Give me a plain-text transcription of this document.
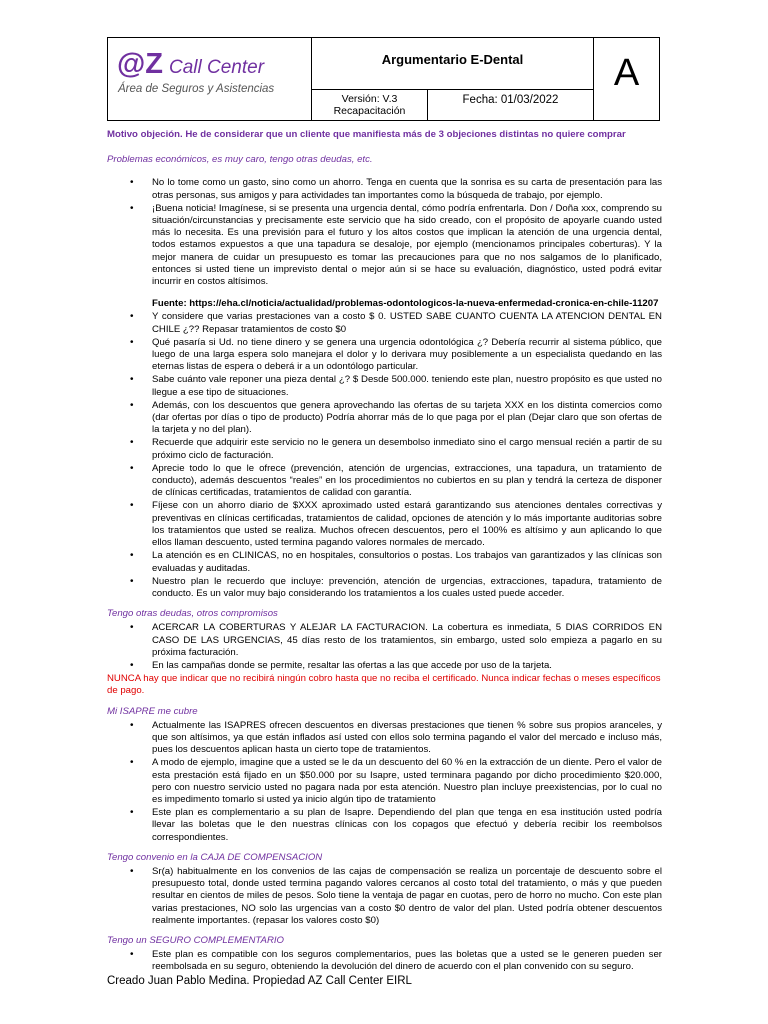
@Z Call Center
Área de Seguros y Asistencias
Argumentario E-Dental
Versión: V.3
Recapacitación
Fecha: 01/03/2022
A
Motivo objeción. He de considerar que un cliente que manifiesta más de 3 objeciones distintas no quiere comprar
Problemas económicos, es muy caro, tengo otras deudas, etc.
• No lo tome como un gasto, sino como un ahorro. Tenga en cuenta que la sonrisa es su carta de presentación para las otras personas, sus amigos y para actividades tan importantes como la búsqueda de trabajo, por ejemplo.
• ¡Buena noticia! Imagínese, si se presenta una urgencia dental, cómo podría enfrentarla. Don / Doña xxx, comprendo su situación/circunstancias y precisamente este servicio que ha sido creado, con el propósito de apoyarle cuando usted más lo necesita. Es una previsión para el futuro y los altos costos que implican la atención de una urgencia dental, todos estamos expuestos a que una tapadura se desaloje, por ejemplo (mencionamos principales coberturas). Y la mejor manera de cuidar un presupuesto es tomar las precauciones para que no nos salgamos de lo planificado, entonces si usted tiene un imprevisto dental o mejor aún si se hace su evaluación, diagnóstico, usted podrá evitar incurrir en costos altísimos.
Fuente: https://eha.cl/noticia/actualidad/problemas-odontologicos-la-nueva-enfermedad-cronica-en-chile-11207
• Y considere que varias prestaciones van a costo $ 0. USTED SABE CUANTO CUENTA LA ATENCION DENTAL EN CHILE ¿?? Repasar tratamientos de costo $0
• Qué pasaría si Ud. no tiene dinero y se genera una urgencia odontológica ¿? Debería recurrir al sistema público, que luego de una larga espera solo manejara el dolor y lo derivara muy posiblemente a un especialista quedando en las eternas listas de espera o deberá ir a un odontólogo particular.
• Sabe cuánto vale reponer una pieza dental ¿? $ Desde 500.000. teniendo este plan, nuestro propósito es que usted no llegue a ese tipo de situaciones.
• Además, con los descuentos que genera aprovechando las ofertas de su tarjeta XXX en los distinta comercios como (dar ofertas por días o tipo de producto) Podría ahorrar más de lo que paga por el plan (Dejar claro que son ofertas de la tarjeta y no del plan).
• Recuerde que adquirir este servicio no le genera un desembolso inmediato sino el cargo mensual recién a partir de su próximo ciclo de facturación.
• Aprecie todo lo que le ofrece (prevención, atención de urgencias, extracciones, una tapadura, un tratamiento de conducto), además descuentos “reales” en los procedimientos no cubiertos en su plan y tendrá la certeza de disponer de clínicas certificadas, tratamientos de calidad con garantía.
• Fíjese con un ahorro diario de $XXX aproximado usted estará garantizando sus atenciones dentales correctivas y preventivas en clínicas certificadas, tratamientos de calidad, opciones de atención y lo más importante auditorias sobre los tratamientos que usted se realiza. Muchos ofrecen descuentos, pero el 100% es altísimo y aun aplicando lo que ellos llaman descuento, usted termina pagando valores normales de mercado.
• La atención es en CLINICAS, no en hospitales, consultorios o postas. Los trabajos van garantizados y las clínicas son evaluadas y auditadas.
• Nuestro plan le recuerdo que incluye: prevención, atención de urgencias, extracciones, tapadura, tratamiento de conducto. Es un valor muy bajo considerando los tratamientos a los cuales usted puede acceder.
Tengo otras deudas, otros compromisos
• ACERCAR LA COBERTURAS Y ALEJAR LA FACTURACION. La cobertura es inmediata, 5 DIAS CORRIDOS EN CASO DE LAS URGENCIAS, 45 días resto de los tratamientos, sin embargo, usted solo empieza a pagarlo en su próxima facturación.
• En las campañas donde se permite, resaltar las ofertas a las que accede por uso de la tarjeta.
NUNCA hay que indicar que no recibirá ningún cobro hasta que no reciba el certificado. Nunca indicar fechas o meses específicos de pago.
Mi ISAPRE me cubre
• Actualmente las ISAPRES ofrecen descuentos en diversas prestaciones que tienen % sobre sus propios aranceles, y que son altísimos, ya que están inflados así usted con ellos solo termina pagando el valor del mercado e incluso más, pues los descuentos aplican hasta un cierto tope de tratamientos.
• A modo de ejemplo, imagine que a usted se le da un descuento del 60 % en la extracción de un diente. Pero el valor de esta prestación está fijado en un $50.000 por su Isapre, usted terminara pagando por dicho procedimiento $20.000, pero con nuestro servicio usted no pagara nada por esta atención. Nuestro plan incluye preexistencias, por lo cual no es impedimento tomarlo si usted ya inicio algún tipo de tratamiento
• Este plan es complementario a su plan de Isapre. Dependiendo del plan que tenga en esa institución usted podría llevar las boletas que le den nuestras clínicas con los copagos que efectuó y debería recibir los reembolsos correspondientes.
Tengo convenio en la CAJA DE COMPENSACION
• Sr(a) habitualmente en los convenios de las cajas de compensación se realiza un porcentaje de descuento sobre el presupuesto total, donde usted termina pagando valores cercanos al costo total del tratamiento, o más y que pueden resultar en cientos de miles de pesos. Solo tiene la ventaja de pagar en cuotas, pero de horro no mucho. Con este plan varias prestaciones, NO solo las urgencias van a costo $0 dentro de valor del plan. Usted podría obtener descuentos realmente importantes. (repasar los valores costo $0)
Tengo un SEGURO COMPLEMENTARIO
• Este plan es compatible con los seguros complementarios, pues las boletas que a usted se le generen pueden ser reembolsada en su seguro, obteniendo la devolución del dinero de acuerdo con el plan convenido con su seguro.
Creado Juan Pablo Medina. Propiedad AZ Call Center EIRL
